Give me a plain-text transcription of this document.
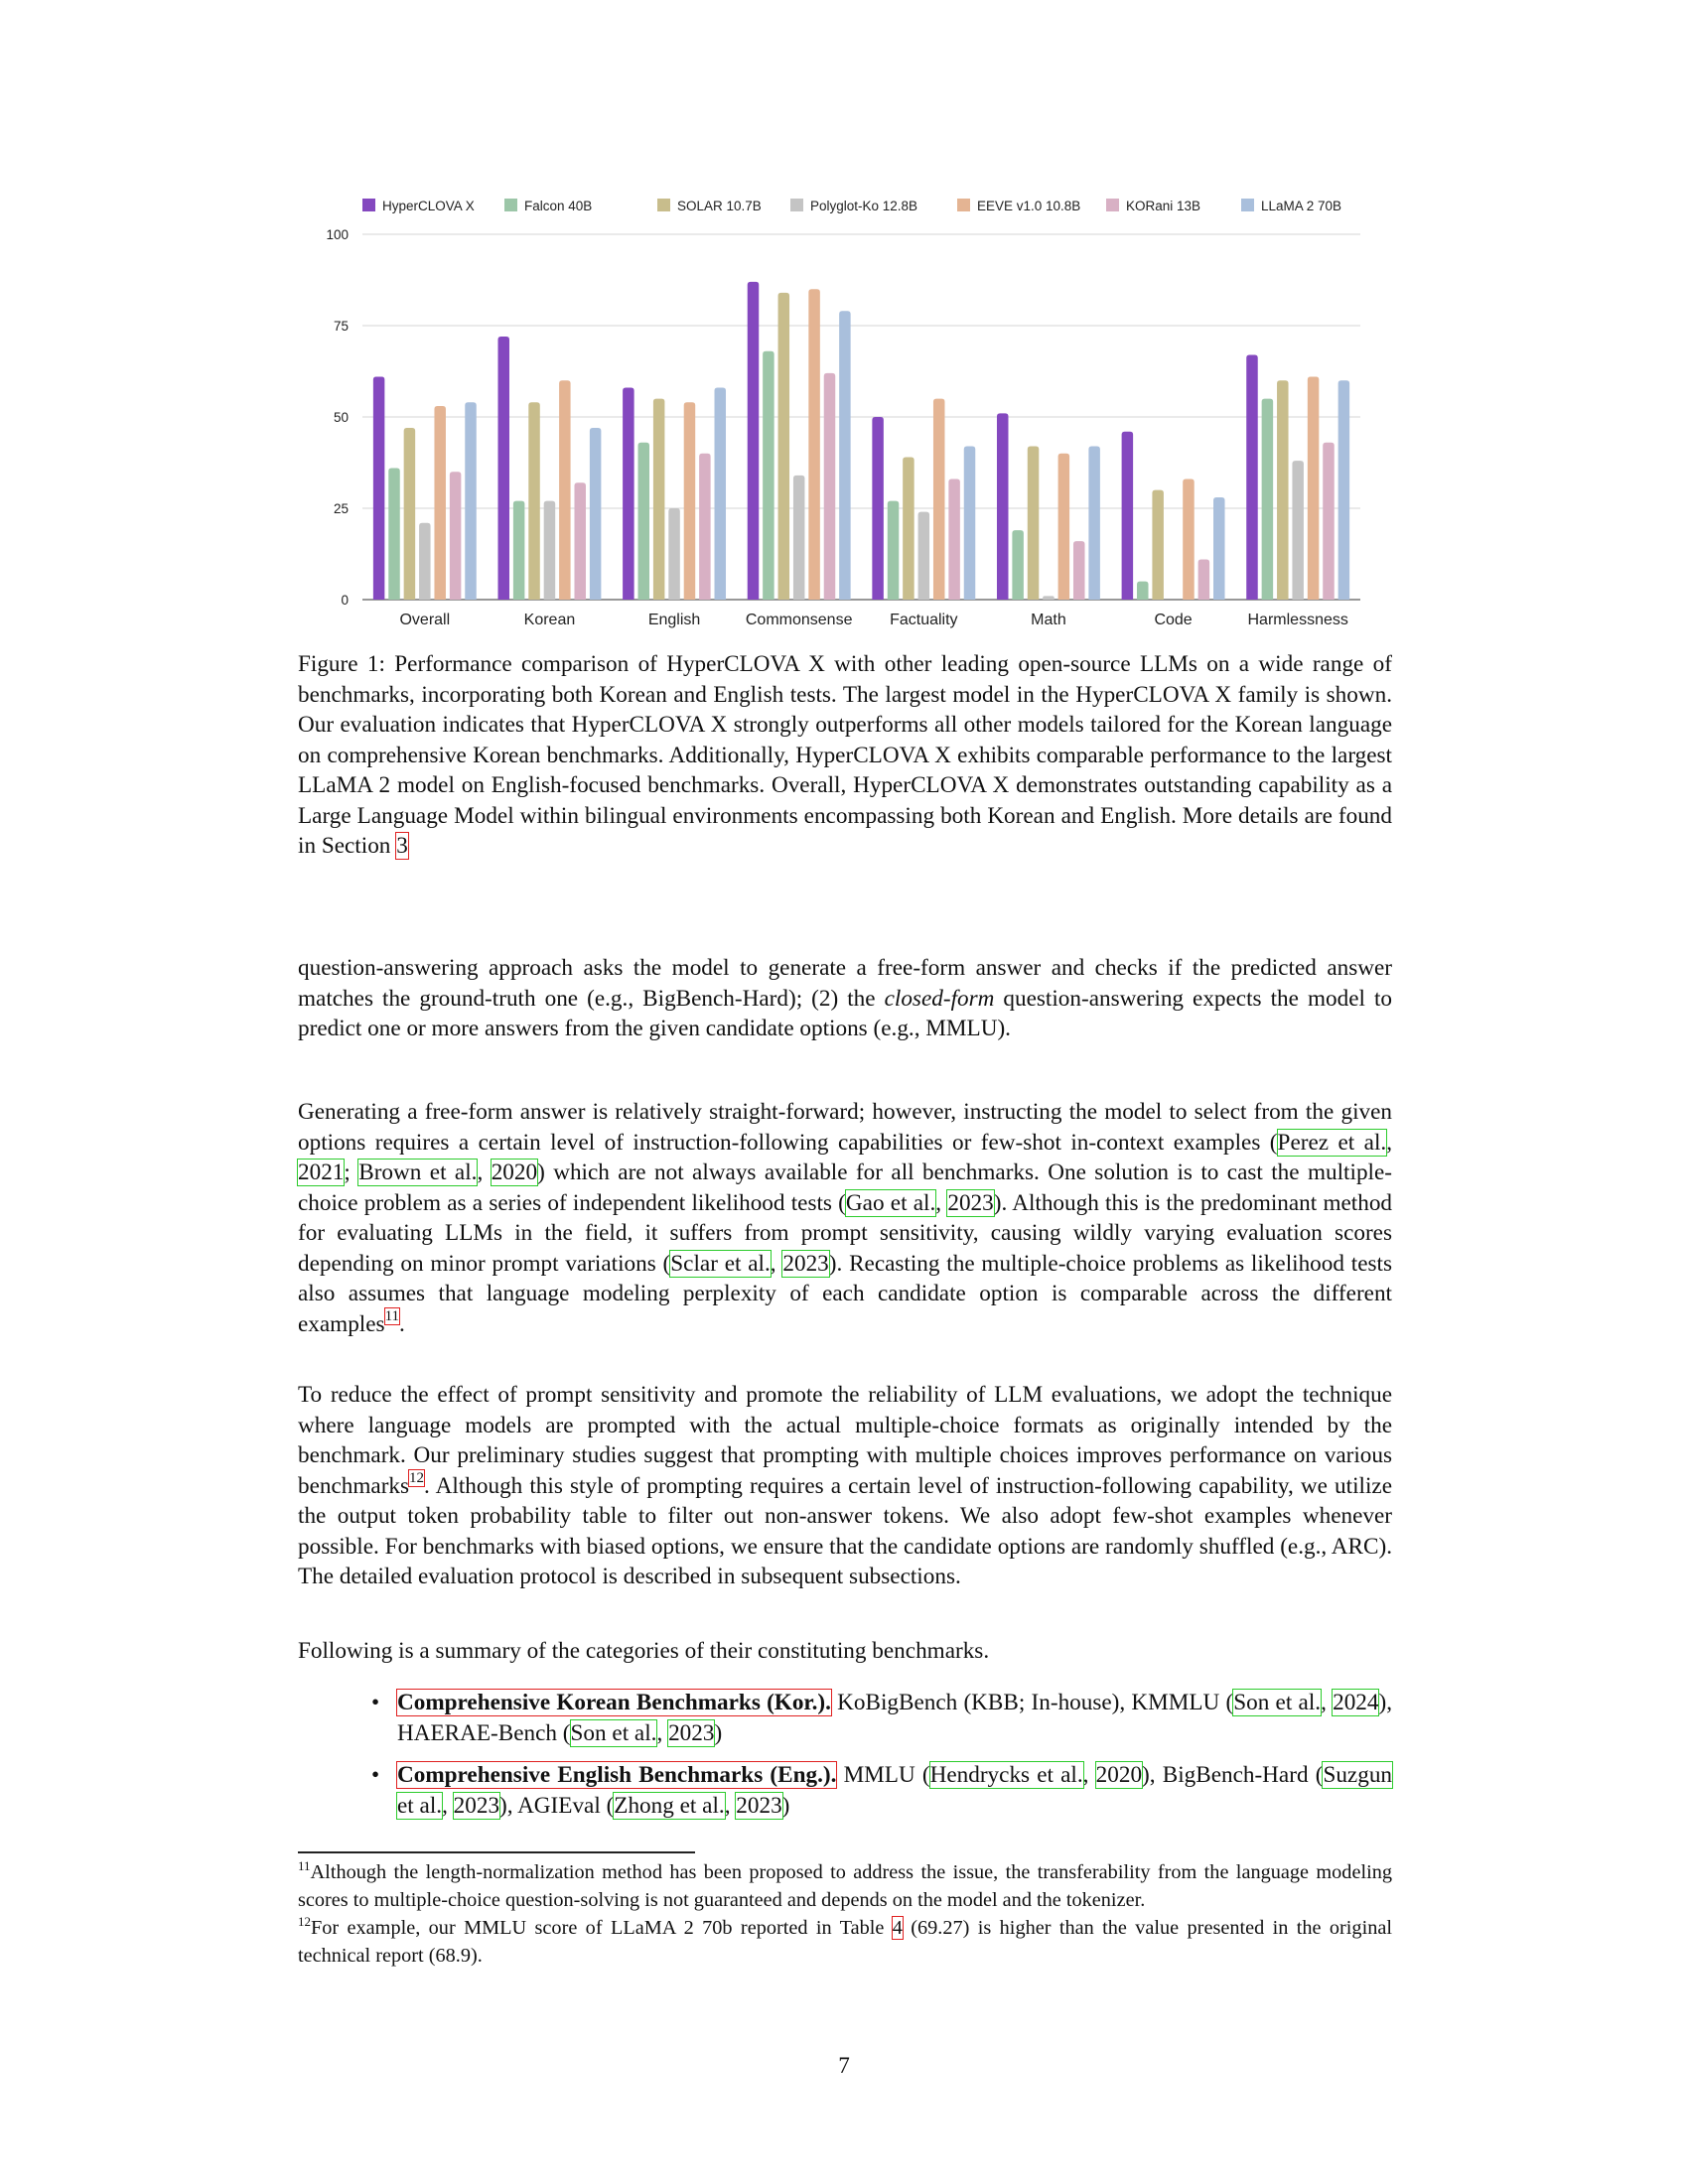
0
25
50
75
100
Overall	Korean	English	Commonsense Factuality	Math	Code	Harmlessness
HyperCLOVA X	Falcon 40B	SOLAR 10.7B	Polyglot-Ko 12.8B	EEVE v1.0 10.8B	KORani 13B	LLaMA 2 70B

Figure 1: Performance comparison of HyperCLOVA X with other leading open-source LLMs on a wide range of benchmarks, incorporating both Korean and English tests. The largest model in the HyperCLOVA X family is shown. Our evaluation indicates that HyperCLOVA X strongly outperforms all other models tailored for the Korean language on comprehensive Korean benchmarks. Additionally, HyperCLOVA X exhibits comparable performance to the largest LLaMA 2 model on English-focused benchmarks. Overall, HyperCLOVA X demonstrates outstanding capability as a Large Language Model within bilingual environments encompassing both Korean and English. More details are found in Section 3

question-answering approach asks the model to generate a free-form answer and checks if the predicted answer matches the ground-truth one (e.g., BigBench-Hard); (2) the closed-form question-answering expects the model to predict one or more answers from the given candidate options (e.g., MMLU).

Generating a free-form answer is relatively straight-forward; however, instructing the model to select from the given options requires a certain level of instruction-following capabilities or few-shot in-context examples (Perez et al., 2021; Brown et al., 2020) which are not always available for all benchmarks. One solution is to cast the multiple-choice problem as a series of independent likelihood tests (Gao et al., 2023). Although this is the predominant method for evaluating LLMs in the field, it suffers from prompt sensitivity, causing wildly varying evaluation scores depending on minor prompt variations (Sclar et al., 2023). Recasting the multiple-choice problems as likelihood tests also assumes that language modeling perplexity of each candidate option is comparable across the different examples$^{11}$.

To reduce the effect of prompt sensitivity and promote the reliability of LLM evaluations, we adopt the technique where language models are prompted with the actual multiple-choice formats as originally intended by the benchmark. Our preliminary studies suggest that prompting with multiple choices improves performance on various benchmarks$^{12}$. Although this style of prompting requires a certain level of instruction-following capability, we utilize the output token probability table to filter out non-answer tokens. We also adopt few-shot examples whenever possible. For benchmarks with biased options, we ensure that the candidate options are randomly shuffled (e.g., ARC). The detailed evaluation protocol is described in subsequent subsections.

Following is a summary of the categories of their constituting benchmarks.

• Comprehensive Korean Benchmarks (Kor.). KoBigBench (KBB; In-house), KMMLU (Son et al., 2024), HAERAE-Bench (Son et al., 2023)
• Comprehensive English Benchmarks (Eng.). MMLU (Hendrycks et al., 2020), BigBench-Hard (Suzgun et al., 2023), AGIEval (Zhong et al., 2023)

$^{11}$Although the length-normalization method has been proposed to address the issue, the transferability from the language modeling scores to multiple-choice question-solving is not guaranteed and depends on the model and the tokenizer.

$^{12}$For example, our MMLU score of LLaMA 2 70b reported in Table 4 (69.27) is higher than the value presented in the original technical report (68.9).

7
